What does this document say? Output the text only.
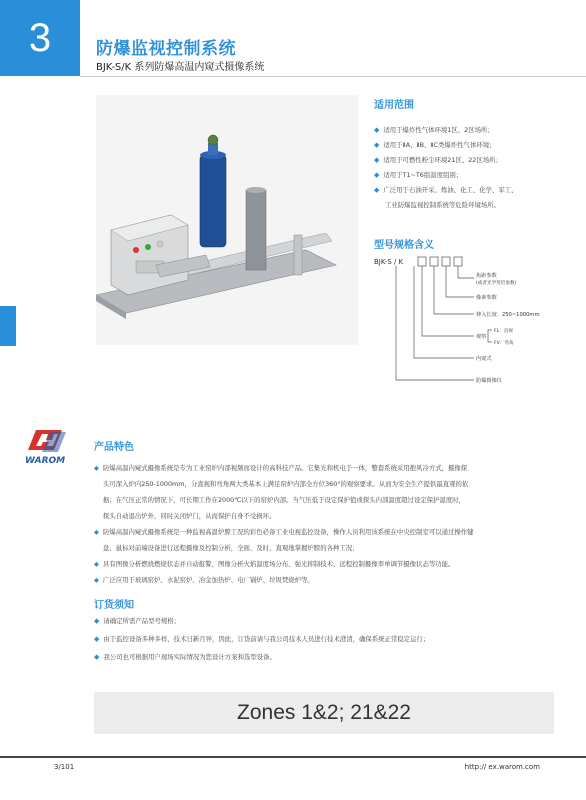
3	防爆监视控制系统
BJK-S/K 系列防爆高温内窥式摄像系统
适用范围
◆ 适用于爆炸性气体环境1区、2区场所；
◆ 适用于ⅡA、ⅡB、ⅡC类爆炸性气体环境；
◆ 适用于可燃性粉尘环境21区、22区场所；
◆ 适用于T1~T6组温度组别；
◆ 广泛用于石油开采、炼油、化工、化学、军工、
工业防爆监视控制系统等危险环境场所。
型号规格含义
BJK-S / K
焦距参数
(或者光学变倍参数)
像素参数
伸入长度：250~1000mm
观察
FL：直视
FV：弯角
内窥式
防爆摄像仪
WAROM
产品特色
◆ 防爆高温内窥式摄像系统是专为工业窑炉内部视频而设计的高科技产品。它集光和机电于一体，整套系统采用抱风冷方式，摄像探
头可深入炉内250-1000mm，分直视和弯角两大类基本上满足窑炉内部全方位360°的观察要求。从而为安全生产提供最直观的依
据；在气压正常的情况下，可长期工作在2000℃以下的窑炉内部。当气压低于设定保护值或探头内部温度超过设定保护温度时，
探头自动退出炉外，同时关闭炉门，从而保护自身不受损坏。
◆ 防爆高温内窥式摄像系统是一种监视高温炉膛工况的彩色必备工业电视监控设备，操作人员利用该系统在中央控制室可以通过操作键
盘、鼠标对前端设备进行远程摄像及控制分析，全面、及时、直观地掌握炉膛的各种工况；
◆ 具有图像分析燃烧燃烧状态并自动报警、图像分析火焰温度场分布、强光抑制技术、远程控制摄像率单调节摄像状态等功能。
◆ 广泛应用于玻璃窑炉、水泥窑炉、冶金加热炉、电厂锅炉、垃圾焚烧炉等。
订货须知
◆ 请确定所需产品型号规格；
◆ 由于监控设备多种多样，技术日新月异，因此，订货前请与我公司技术人员进行技术澄清，确保系统正常稳定运行；
◆ 我公司也可根据用户现场实际情况为您设计方案和选型设备。
Zones 1&2; 21&22
3/101	http:// ex.warom.com
